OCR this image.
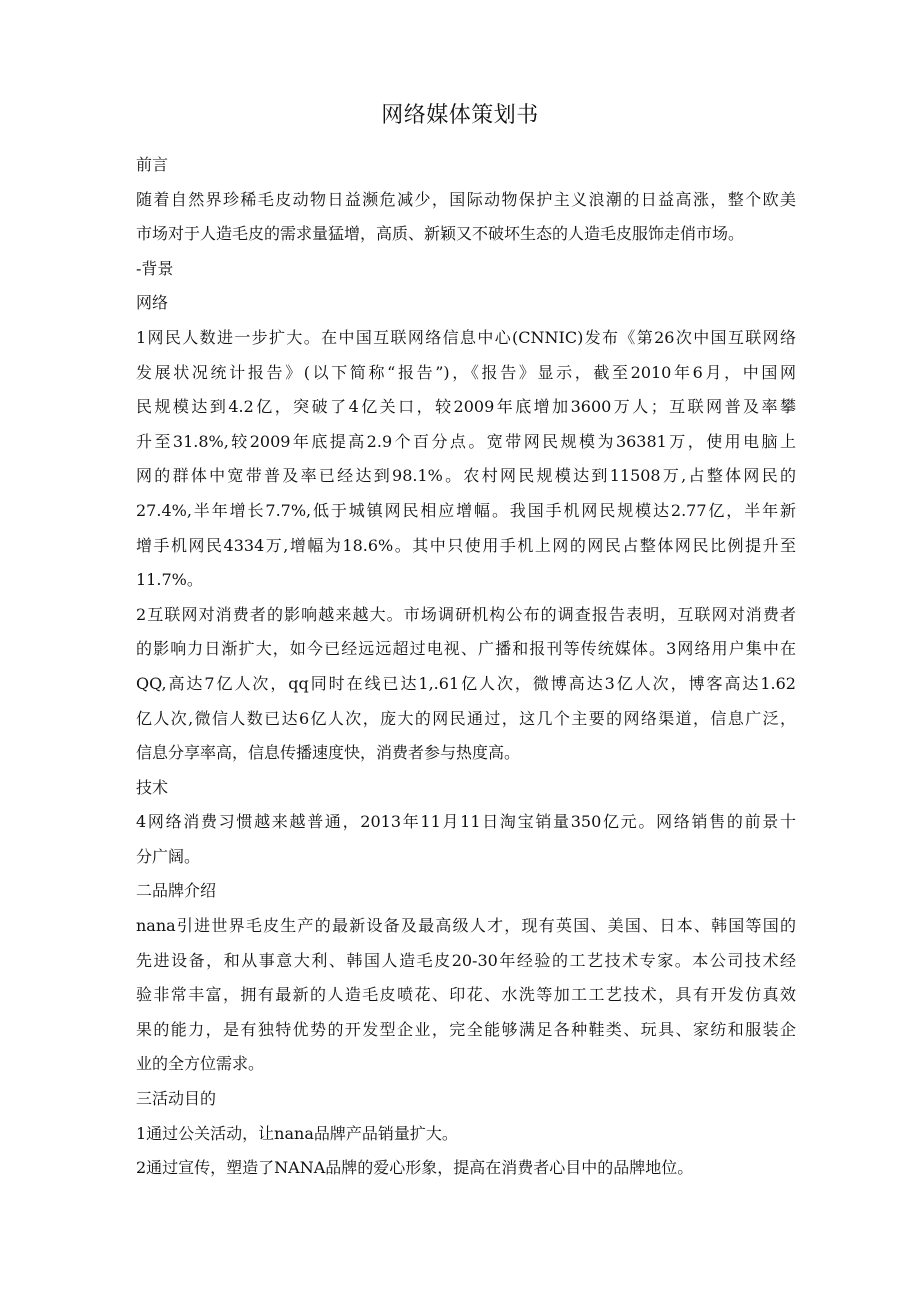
网络媒体策划书
前言
随着自然界珍稀毛皮动物日益濒危减少，国际动物保护主义浪潮的日益高涨，整个欧美
市场对于人造毛皮的需求量猛增，高质、新颖又不破坏生态的人造毛皮服饰走俏市场。
-背景
网络
1网民人数进一步扩大。在中国互联网络信息中心(CNNIC)发布《第26次中国互联网络
发展状况统计报告》(以下简称“报告”)，《报告》显示，截至2010年6月，中国网
民规模达到4.2亿，突破了4亿关口，较2009年底增加3600万人；互联网普及率攀
升至31.8%,较2009年底提高2.9个百分点。宽带网民规模为36381万，使用电脑上
网的群体中宽带普及率已经达到98.1%。农村网民规模达到11508万,占整体网民的
27.4%,半年增长7.7%,低于城镇网民相应增幅。我国手机网民规模达2.77亿，半年新
增手机网民4334万,增幅为18.6%。其中只使用手机上网的网民占整体网民比例提升至
11.7%。
2互联网对消费者的影响越来越大。市场调研机构公布的调查报告表明，互联网对消费者
的影响力日渐扩大，如今已经远远超过电视、广播和报刊等传统媒体。3网络用户集中在
QQ,高达7亿人次，qq同时在线已达1,.61亿人次，微博高达3亿人次，博客高达1.62
亿人次,微信人数已达6亿人次，庞大的网民通过，这几个主要的网络渠道，信息广泛，
信息分享率高，信息传播速度快，消费者参与热度高。
技术
4网络消费习惯越来越普通，2013年11月11日淘宝销量350亿元。网络销售的前景十
分广阔。
二品牌介绍
nana引进世界毛皮生产的最新设备及最高级人才，现有英国、美国、日本、韩国等国的
先进设备，和从事意大利、韩国人造毛皮20-30年经验的工艺技术专家。本公司技术经
验非常丰富，拥有最新的人造毛皮喷花、印花、水洗等加工工艺技术，具有开发仿真效
果的能力，是有独特优势的开发型企业，完全能够满足各种鞋类、玩具、家纺和服装企
业的全方位需求。
三活动目的
1通过公关活动，让nana品牌产品销量扩大。
2通过宣传，塑造了NANA品牌的爱心形象，提高在消费者心目中的品牌地位。
